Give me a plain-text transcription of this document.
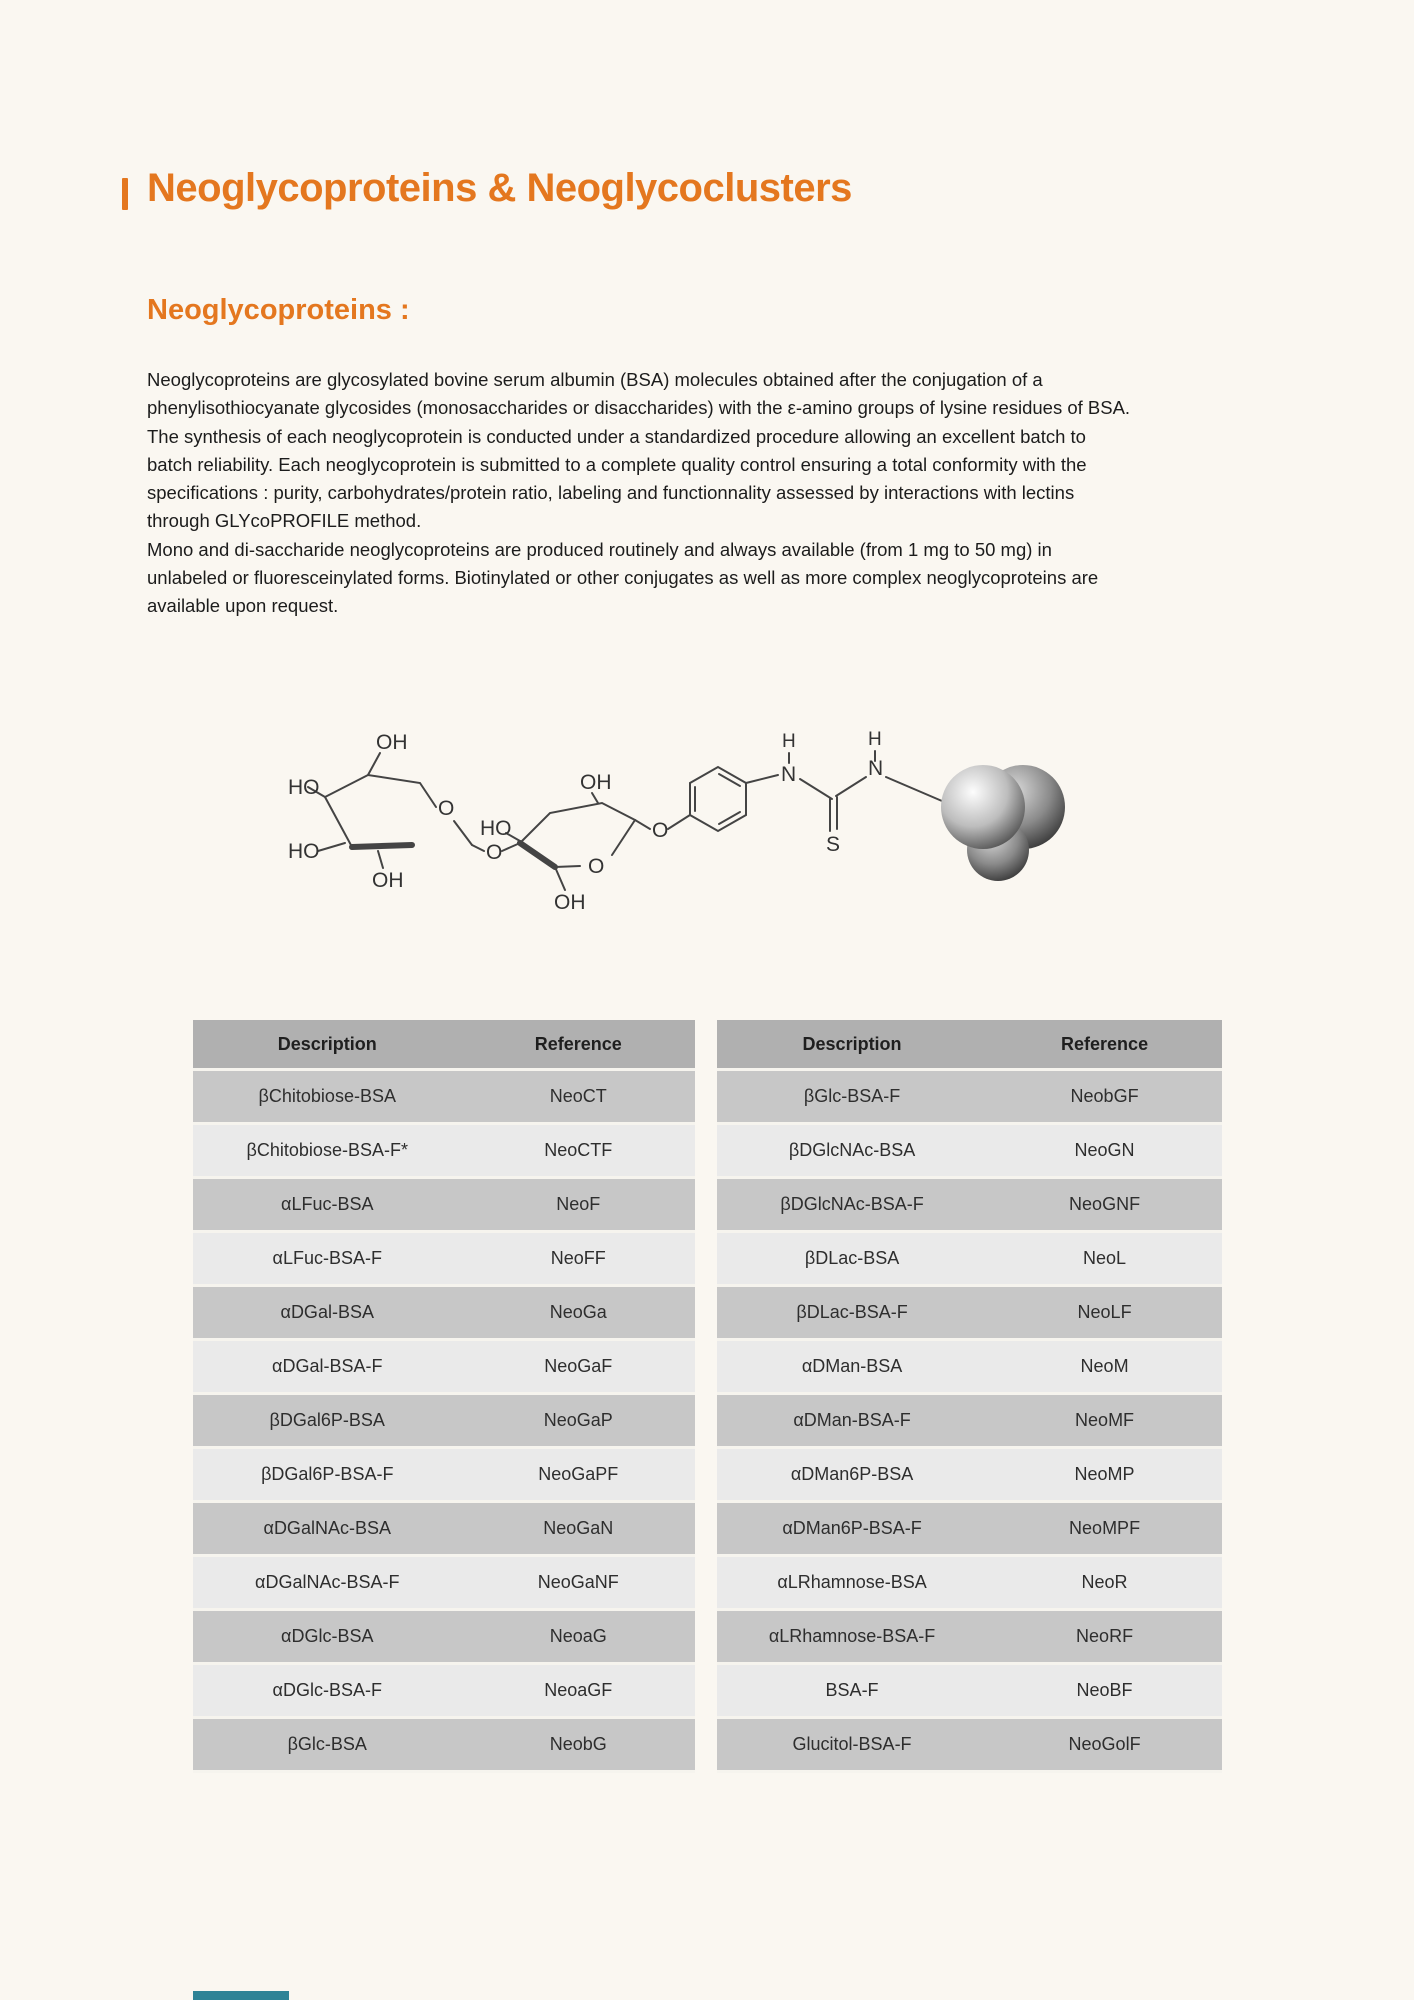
Neoglycoproteins & Neoglycoclusters
Neoglycoproteins :
Neoglycoproteins are glycosylated bovine serum albumin (BSA) molecules obtained after the conjugation of a
phenylisothiocyanate glycosides (monosaccharides or disaccharides) with the ε-amino groups of lysine residues of BSA.
The synthesis of each neoglycoprotein is conducted under a standardized procedure allowing an excellent batch to
batch reliability. Each neoglycoprotein is submitted to a complete quality control ensuring a total conformity with the
specifications : purity, carbohydrates/protein ratio, labeling and functionnality assessed by interactions with lectins
through GLYcoPROFILE method.
Mono and di-saccharide neoglycoproteins are produced routinely and always available (from 1 mg to 50 mg) in
unlabeled or fluoresceinylated forms. Biotinylated or other conjugates as well as more complex neoglycoproteins are
available upon request.
HO
OH
O
HO
OH
O
HO
OH
O
OH
O
N
H
S
N
H
Description	Reference
βChitobiose-BSA	NeoCT
βChitobiose-BSA-F*	NeoCTF
αLFuc-BSA	NeoF
αLFuc-BSA-F	NeoFF
αDGal-BSA	NeoGa
αDGal-BSA-F	NeoGaF
βDGal6P-BSA	NeoGaP
βDGal6P-BSA-F	NeoGaPF
αDGalNAc-BSA	NeoGaN
αDGalNAc-BSA-F	NeoGaNF
αDGlc-BSA	NeoaG
αDGlc-BSA-F	NeoaGF
βGlc-BSA	NeobG
Description	Reference
βGlc-BSA-F	NeobGF
βDGlcNAc-BSA	NeoGN
βDGlcNAc-BSA-F	NeoGNF
βDLac-BSA	NeoL
βDLac-BSA-F	NeoLF
αDMan-BSA	NeoM
αDMan-BSA-F	NeoMF
αDMan6P-BSA	NeoMP
αDMan6P-BSA-F	NeoMPF
αLRhamnose-BSA	NeoR
αLRhamnose-BSA-F	NeoRF
BSA-F	NeoBF
Glucitol-BSA-F	NeoGolF
